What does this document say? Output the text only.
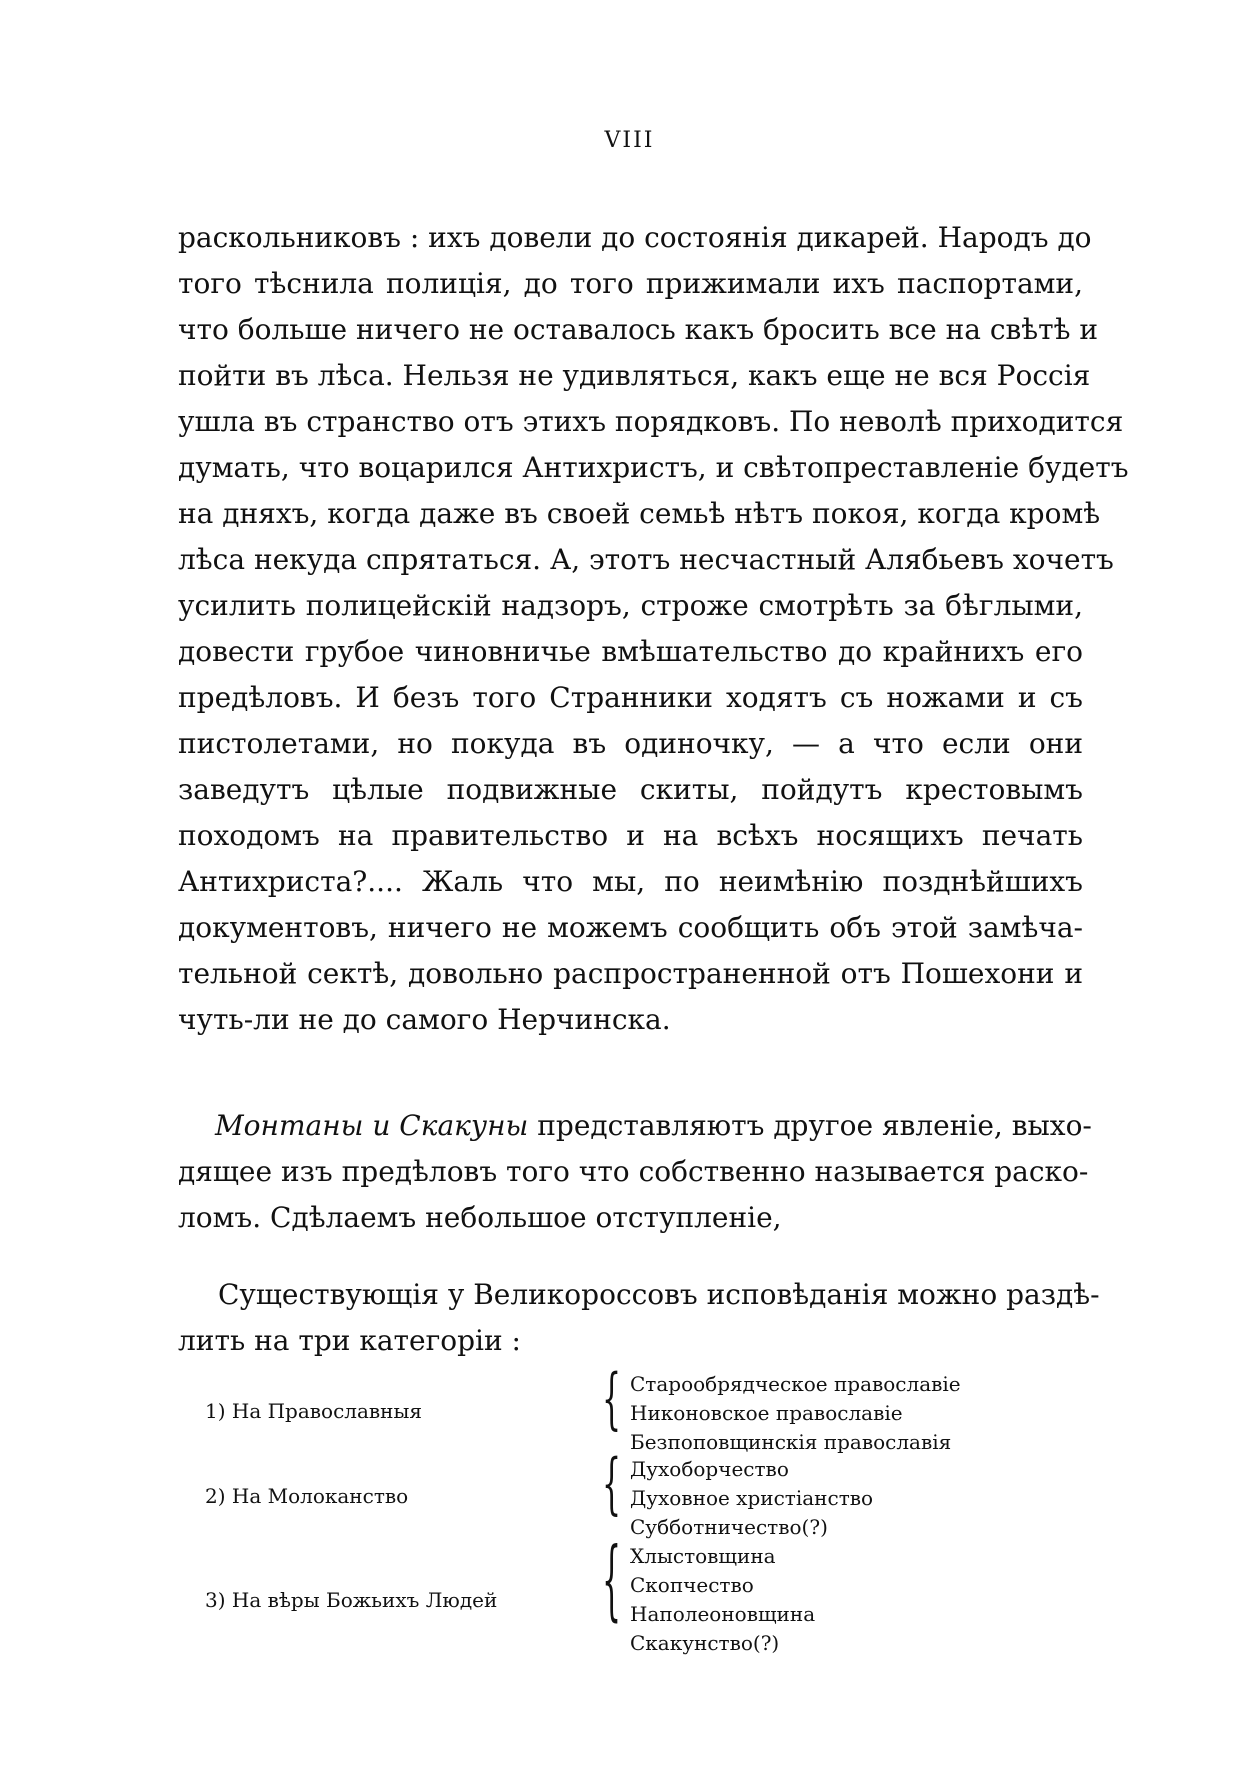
VIII
раскольниковъ : ихъ довели до состоянія дикарей. Народъ до
того тѣснила полиція, до того прижимали ихъ паспортами,
что больше ничего не оставалось какъ бросить все на свѣтѣ и
пойти въ лѣса. Нельзя не удивляться, какъ еще не вся Россія
ушла въ странство отъ этихъ порядковъ. По неволѣ приходится
думать, что воцарился Антихристъ, и свѣтопреставленіе будетъ
на дняхъ, когда даже въ своей семьѣ нѣтъ покоя, когда кромѣ
лѣса некуда спрятаться. А, этотъ несчастный Алябьевъ хочетъ
усилить полицейскій надзоръ, строже смотрѣть за бѣглыми,
довести грубое чиновничье вмѣшательство до крайнихъ его
предѣловъ. И безъ того Странники ходятъ съ ножами и съ
пистолетами, но покуда въ одиночку, — а что если они
заведутъ цѣлые подвижные скиты, пойдутъ крестовымъ
походомъ на правительство и на всѣхъ носящихъ печать
Антихриста?.... Жаль что мы, по неимѣнію позднѣйшихъ
документовъ, ничего не можемъ сообщить объ этой замѣча-
тельной сектѣ, довольно распространенной отъ Пошехони и
чуть-ли не до самого Нерчинска.
Монтаны и Скакуны представляютъ другое явленіе, выхо-
дящее изъ предѣловъ того что собственно называется раско-
ломъ. Сдѣлаемъ небольшое отступленіе,
Существующія у Великороссовъ исповѣданія можно раздѣ-
лить на три категоріи :
1) На Православныя	{ Старообрядческое православіе
Никоновское православіе
Безпоповщинскія православія
2) На Молоканство	{ Духоборчество
Духовное христіанство
Субботничество(?)
3) На вѣры Божьихъ Людей	{ Хлыстовщина
Скопчество
Наполеоновщина
Скакунство(?)
